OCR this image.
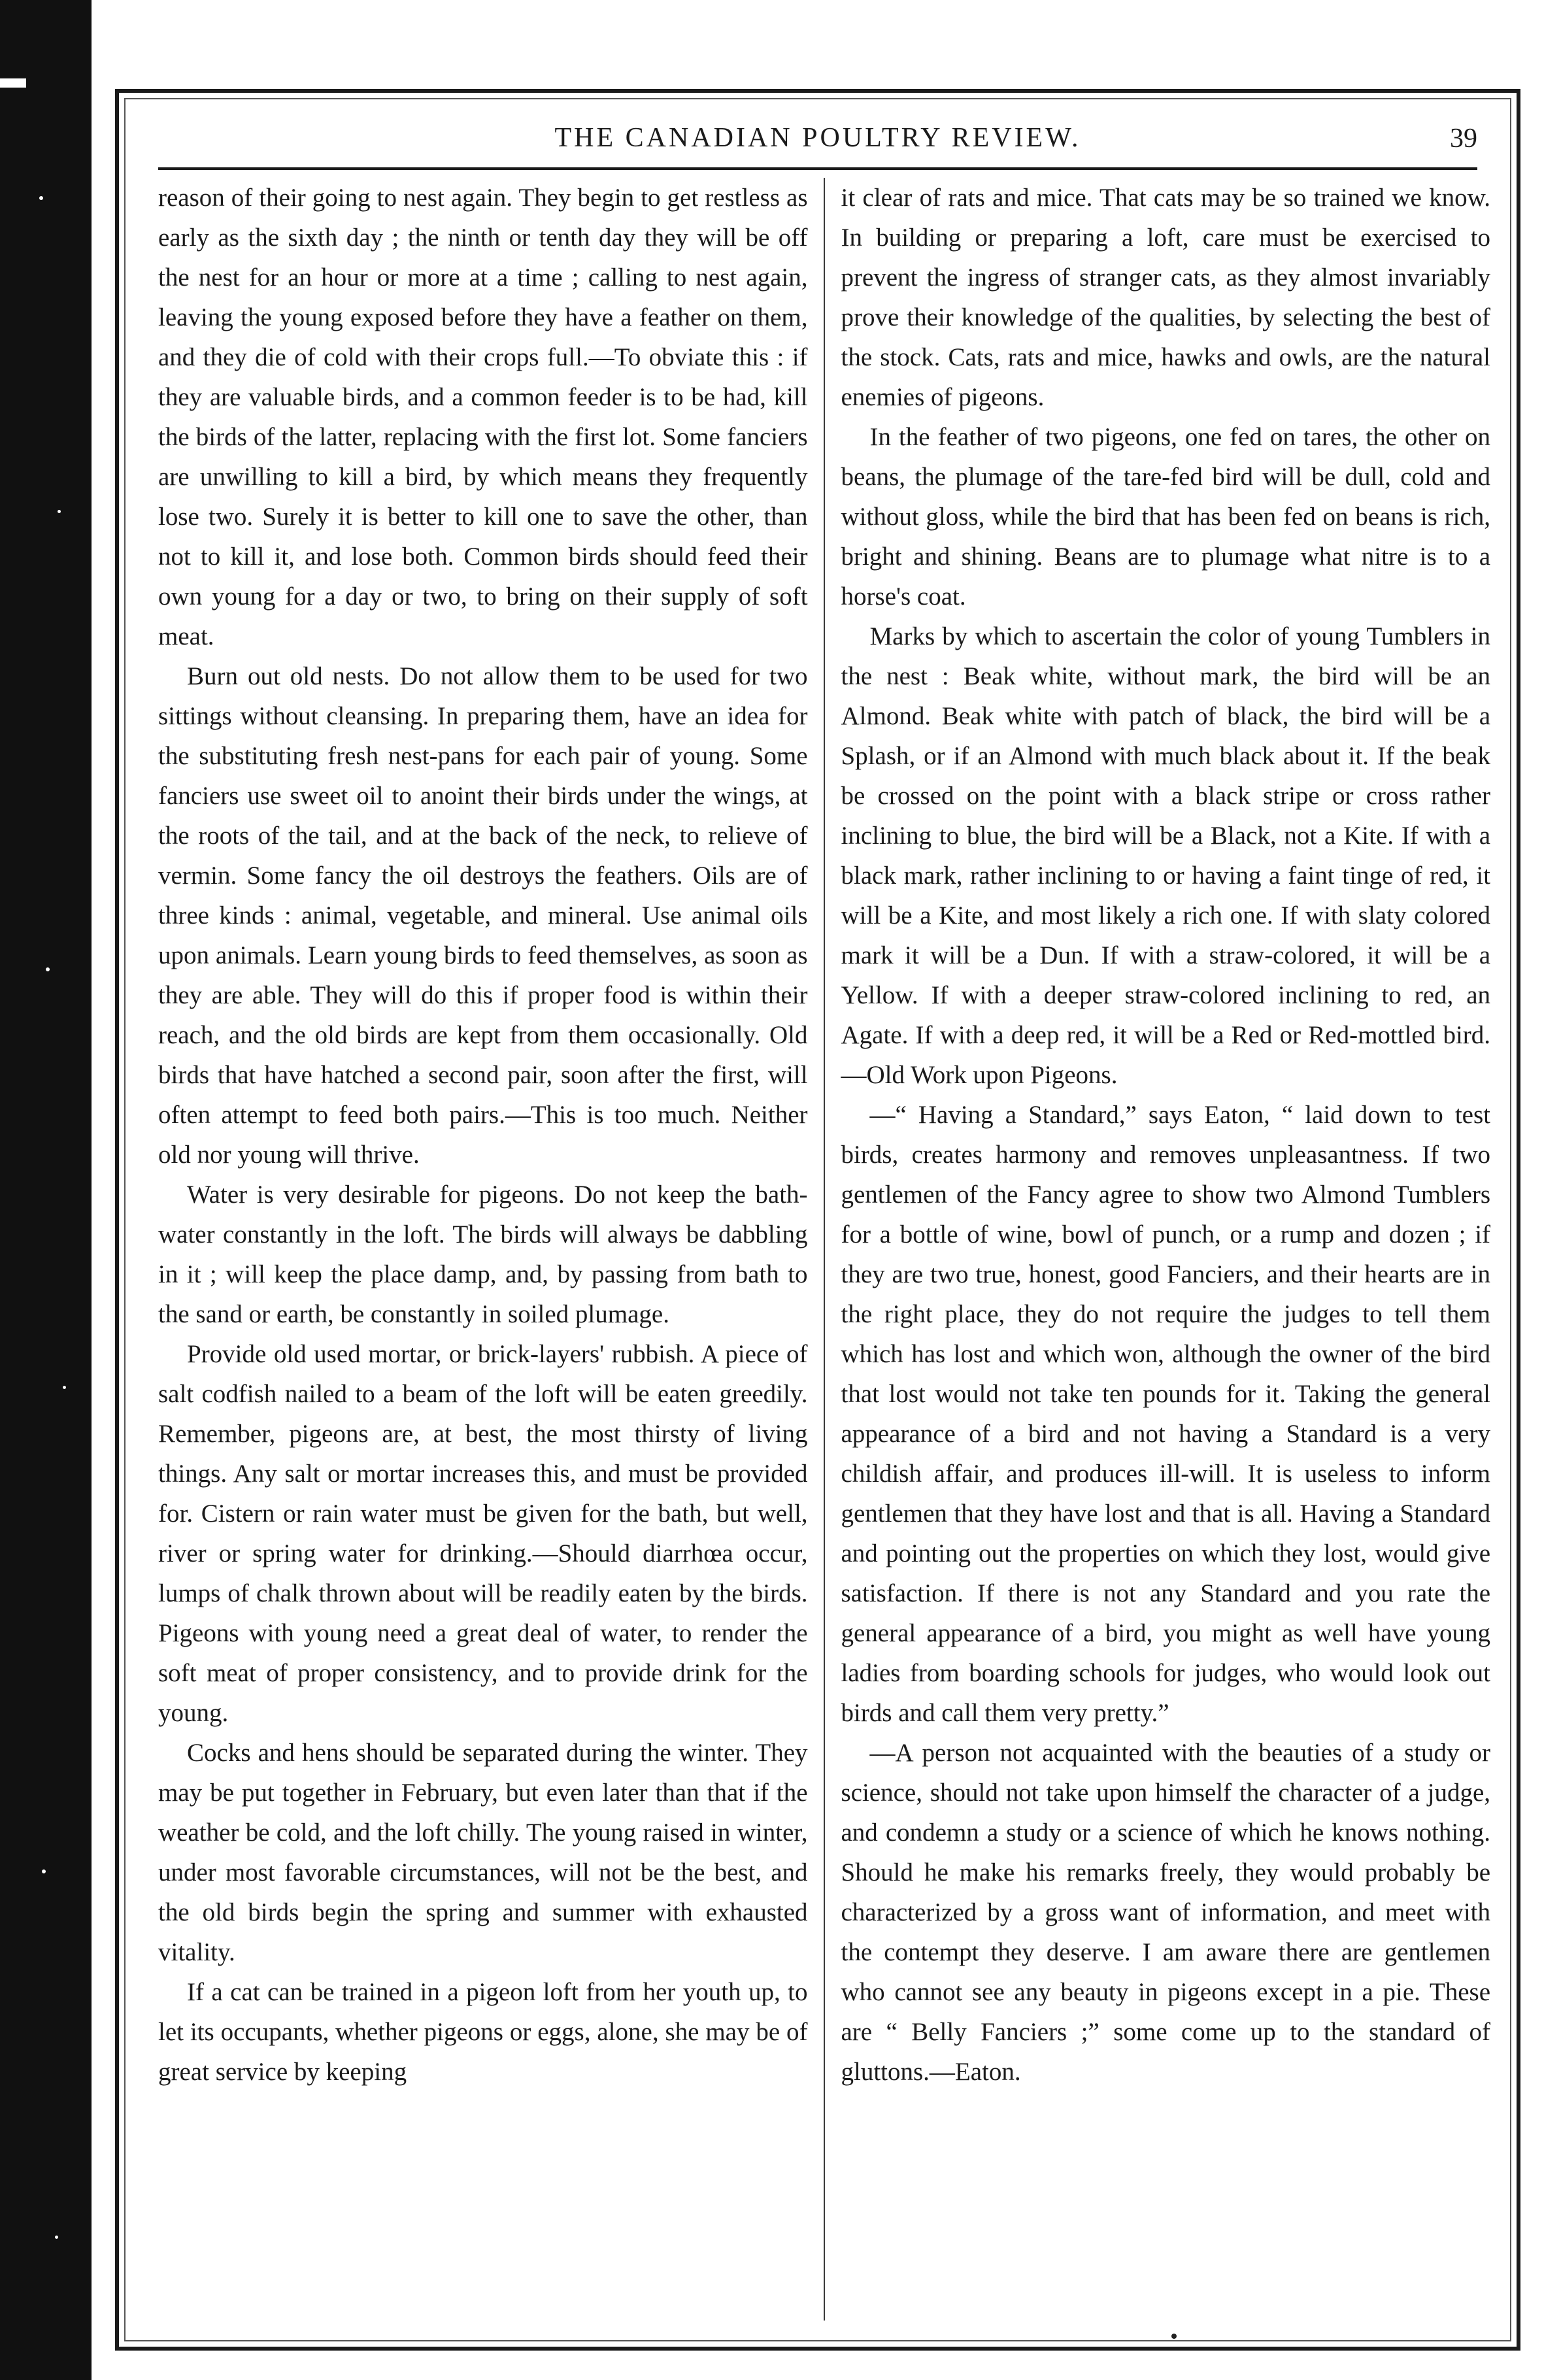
THE CANADIAN POULTRY REVIEW.	39

reason of their going to nest again. They begin to get restless as early as the sixth day ; the ninth or tenth day they will be off the nest for an hour or more at a time ; calling to nest again, leaving the young exposed before they have a feather on them, and they die of cold with their crops full.—To obviate this : if they are valuable birds, and a common feeder is to be had, kill the birds of the latter, replacing with the first lot. Some fanciers are unwilling to kill a bird, by which means they frequently lose two. Surely it is better to kill one to save the other, than not to kill it, and lose both. Common birds should feed their own young for a day or two, to bring on their supply of soft meat.

Burn out old nests. Do not allow them to be used for two sittings without cleansing. In preparing them, have an idea for the substituting fresh nest-pans for each pair of young. Some fanciers use sweet oil to anoint their birds under the wings, at the roots of the tail, and at the back of the neck, to relieve of vermin. Some fancy the oil destroys the feathers. Oils are of three kinds : animal, vegetable, and mineral. Use animal oils upon animals. Learn young birds to feed themselves, as soon as they are able. They will do this if proper food is within their reach, and the old birds are kept from them occasionally. Old birds that have hatched a second pair, soon after the first, will often attempt to feed both pairs.—This is too much. Neither old nor young will thrive.

Water is very desirable for pigeons. Do not keep the bath-water constantly in the loft. The birds will always be dabbling in it ; will keep the place damp, and, by passing from bath to the sand or earth, be constantly in soiled plumage.

Provide old used mortar, or brick-layers' rubbish. A piece of salt codfish nailed to a beam of the loft will be eaten greedily. Remember, pigeons are, at best, the most thirsty of living things. Any salt or mortar increases this, and must be provided for. Cistern or rain water must be given for the bath, but well, river or spring water for drinking.—Should diarrhœa occur, lumps of chalk thrown about will be readily eaten by the birds. Pigeons with young need a great deal of water, to render the soft meat of proper consistency, and to provide drink for the young.

Cocks and hens should be separated during the winter. They may be put together in February, but even later than that if the weather be cold, and the loft chilly. The young raised in winter, under most favorable circumstances, will not be the best, and the old birds begin the spring and summer with exhausted vitality.

If a cat can be trained in a pigeon loft from her youth up, to let its occupants, whether pigeons or eggs, alone, she may be of great service by keeping

it clear of rats and mice. That cats may be so trained we know. In building or preparing a loft, care must be exercised to prevent the ingress of stranger cats, as they almost invariably prove their knowledge of the qualities, by selecting the best of the stock. Cats, rats and mice, hawks and owls, are the natural enemies of pigeons.

In the feather of two pigeons, one fed on tares, the other on beans, the plumage of the tare-fed bird will be dull, cold and without gloss, while the bird that has been fed on beans is rich, bright and shining. Beans are to plumage what nitre is to a horse's coat.

Marks by which to ascertain the color of young Tumblers in the nest : Beak white, without mark, the bird will be an Almond. Beak white with patch of black, the bird will be a Splash, or if an Almond with much black about it. If the beak be crossed on the point with a black stripe or cross rather inclining to blue, the bird will be a Black, not a Kite. If with a black mark, rather inclining to or having a faint tinge of red, it will be a Kite, and most likely a rich one. If with slaty colored mark it will be a Dun. If with a straw-colored, it will be a Yellow. If with a deeper straw-colored inclining to red, an Agate. If with a deep red, it will be a Red or Red-mottled bird.—Old Work upon Pigeons.

—“ Having a Standard,” says Eaton, “ laid down to test birds, creates harmony and removes unpleasantness. If two gentlemen of the Fancy agree to show two Almond Tumblers for a bottle of wine, bowl of punch, or a rump and dozen ; if they are two true, honest, good Fanciers, and their hearts are in the right place, they do not require the judges to tell them which has lost and which won, although the owner of the bird that lost would not take ten pounds for it. Taking the general appearance of a bird and not having a Standard is a very childish affair, and produces ill-will. It is useless to inform gentlemen that they have lost and that is all. Having a Standard and pointing out the properties on which they lost, would give satisfaction. If there is not any Standard and you rate the general appearance of a bird, you might as well have young ladies from boarding schools for judges, who would look out birds and call them very pretty.”

—A person not acquainted with the beauties of a study or science, should not take upon himself the character of a judge, and condemn a study or a science of which he knows nothing. Should he make his remarks freely, they would probably be characterized by a gross want of information, and meet with the contempt they deserve. I am aware there are gentlemen who cannot see any beauty in pigeons except in a pie. These are “ Belly Fanciers ;” some come up to the standard of gluttons.—Eaton.
